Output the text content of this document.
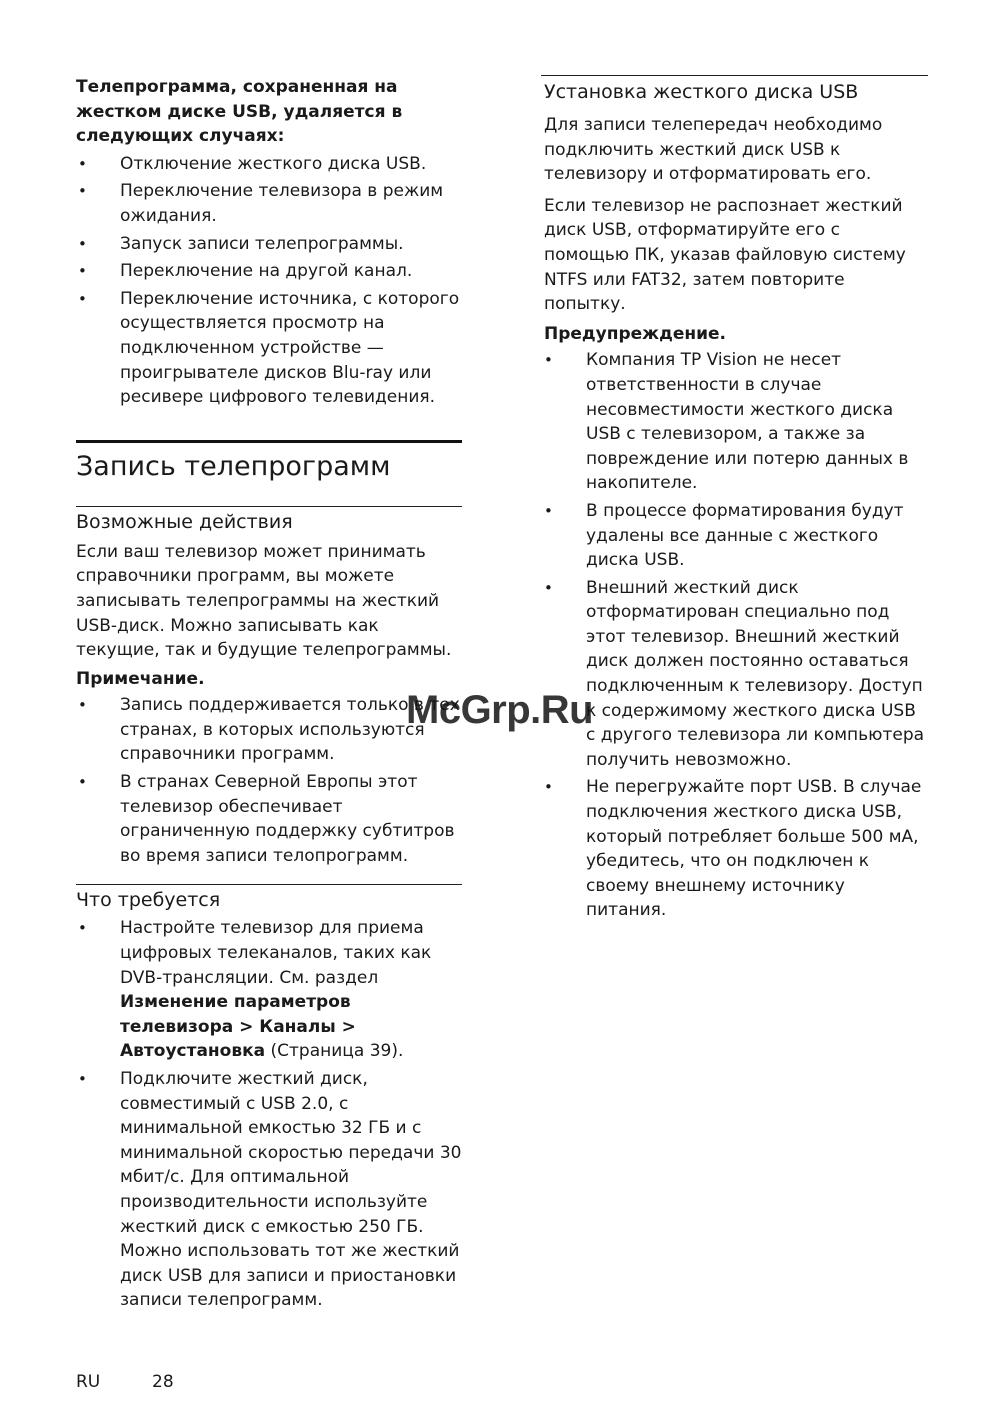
Телепрограмма, сохраненная на жестком диске USB, удаляется в следующих случаях:

• Отключение жесткого диска USB.
• Переключение телевизора в режим ожидания.
• Запуск записи телепрограммы.
• Переключение на другой канал.
• Переключение источника, с которого осуществляется просмотр на подключенном устройстве — проигрывателе дисков Blu-ray или ресивере цифрового телевидения.
Запись телепрограмм
Возможные действия

Если ваш телевизор может принимать справочники программ, вы можете записывать телепрограммы на жесткий USB-диск. Можно записывать как текущие, так и будущие телепрограммы.

Примечание.

• Запись поддерживается только в тех странах, в которых используются справочники программ.
• В странах Северной Европы этот телевизор обеспечивает ограниченную поддержку субтитров во время записи телопрограмм.
Что требуется
• Настройте телевизор для приема цифровых телеканалов, таких как DVB-трансляции. См. раздел Изменение параметров телевизора > Каналы > Автоустановка (Страница 39).
• Подключите жесткий диск, совместимый с USB 2.0, с минимальной емкостью 32 ГБ и с минимальной скоростью передачи 30 мбит/с. Для оптимальной производительности используйте жесткий диск с емкостью 250 ГБ. Можно использовать тот же жесткий диск USB для записи и приостановки записи телепрограмм.
Установка жесткого диска USB

Для записи телепередач необходимо подключить жесткий диск USB к телевизору и отформатировать его.

Если телевизор не распознает жесткий диск USB, отформатируйте его с помощью ПК, указав файловую систему NTFS или FAT32, затем повторите попытку.

Предупреждение.

• Компания TP Vision не несет ответственности в случае несовместимости жесткого диска USB с телевизором, а также за повреждение или потерю данных в накопителе.
• В процессе форматирования будут удалены все данные с жесткого диска USB.
• Внешний жесткий диск отформатирован специально под этот телевизор. Внешний жесткий диск должен постоянно оставаться подключенным к телевизору. Доступ к содержимому жесткого диска USB с другого телевизора ли компьютера получить невозможно.
• Не перегружайте порт USB. В случае подключения жесткого диска USB, который потребляет больше 500 мА, убедитесь, что он подключен к своему внешнему источнику питания.
McGrp.Ru
RU	28
